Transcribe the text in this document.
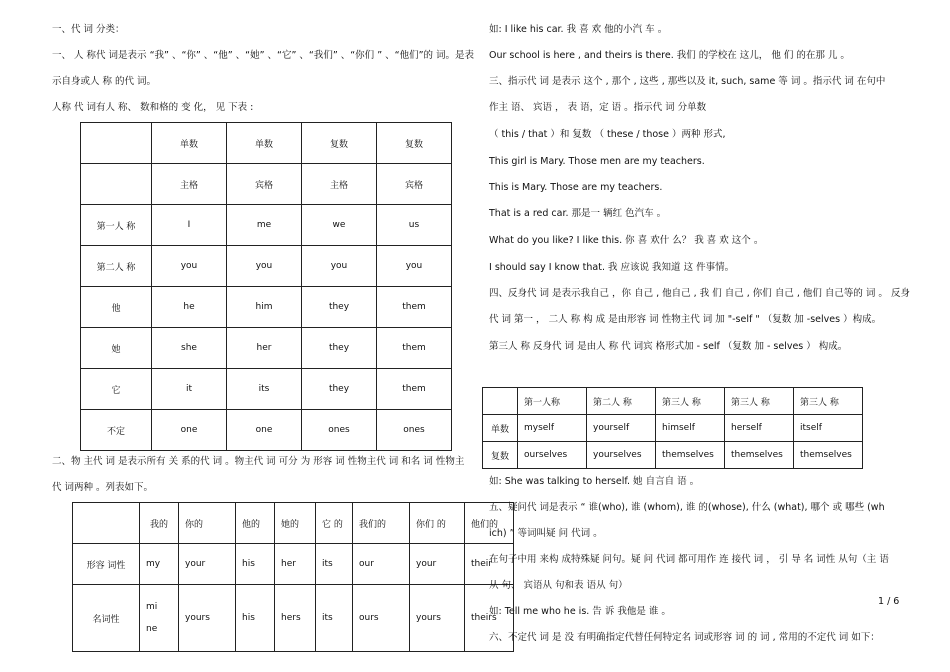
一、代 词 分类：

一、 人 称代 词是表示 “我” 、“你” 、“他” 、“她” 、“它” 、“我们” 、“你们 ” 、“他们”的 词。是表

示自身或人 称 的代 词。

人称 代 词有人 称、 数和格的 变 化， 见 下表 :

	单数	单数	复数	复数
	主格	宾格	主格	宾格
第一人 称	I	me	we	us
第二人 称	you	you	you	you
他	he	him	they	them
她	she	her	they	them
它	it	its	they	them
不定	one	one	ones	ones

二、物 主代 词 是表示所有 关 系的代 词 。物主代 词 可分 为 形容 词 性物主代 词 和名 词 性物主

代 词两种 。列表如下。

	我的	你的	他的	她的	它 的	我们的	你们 的	他们的
形容 词性	my	your	his	her	its	our	your	their
名词性	mine	yours	his	hers	its	ours	yours	theirs

如: I like his car. 我 喜 欢 他的小汽 车 。

Our school is here , and theirs is there. 我们 的学校在 这儿， 他 们 的在那 儿 。

三、指示代 词 是表示 这个 , 那个 , 这些 , 那些以及 it, such, same 等 词 。指示代 词 在句中

作主 语、 宾语 ， 表 语，定 语 。指示代 词 分单数

（ this / that ）和 复数 （ these / those ）两种 形式,

This girl is Mary. Those men are my teachers.

This is Mary. Those are my teachers.

That is a red car. 那是一 辆红 色汽车 。

What do you like? I like this. 你 喜 欢什 么？ 我 喜 欢 这个 。

I should say I know that. 我 应该说 我知道 这 件事情。

四、反身代 词 是表示我自己 ，你 自己 , 他自己 , 我 们 自己 , 你们 自己 , 他们 自己等的 词 。 反身

代 词 第一 ， 二人 称 构 成 是由形容 词 性物主代 词 加 "-self " （复数 加 -selves ）构成。

第三人 称 反身代 词 是由人 称 代 词宾 格形式加 - self （复数 加 - selves ） 构成。

	第一人称	第二人 称	第三人 称	第三人 称	第三人 称
单数	myself	yourself	himself	herself	itself
复数	ourselves	yourselves	themselves	themselves	themselves

如: She was talking to herself. 她 自言自 语 。

五、疑问代 词是表示 “ 谁(who), 谁 (whom), 谁 的(whose), 什么 (what), 哪个 或 哪些 (wh

ich) ” 等词叫疑 问 代词 。

在句子中用 来构 成特殊疑 问句。疑 问 代词 都可用作 连 接代 词 ， 引 导 名 词性 从句（主 语

从 句、 宾语从 句和表 语从 句）

如: Tell me who he is. 告 诉 我他是 谁 。

六、不定代 词 是 没 有明确指定代替任何特定名 词或形容 词 的 词 , 常用的不定代 词 如下：

1 / 6
